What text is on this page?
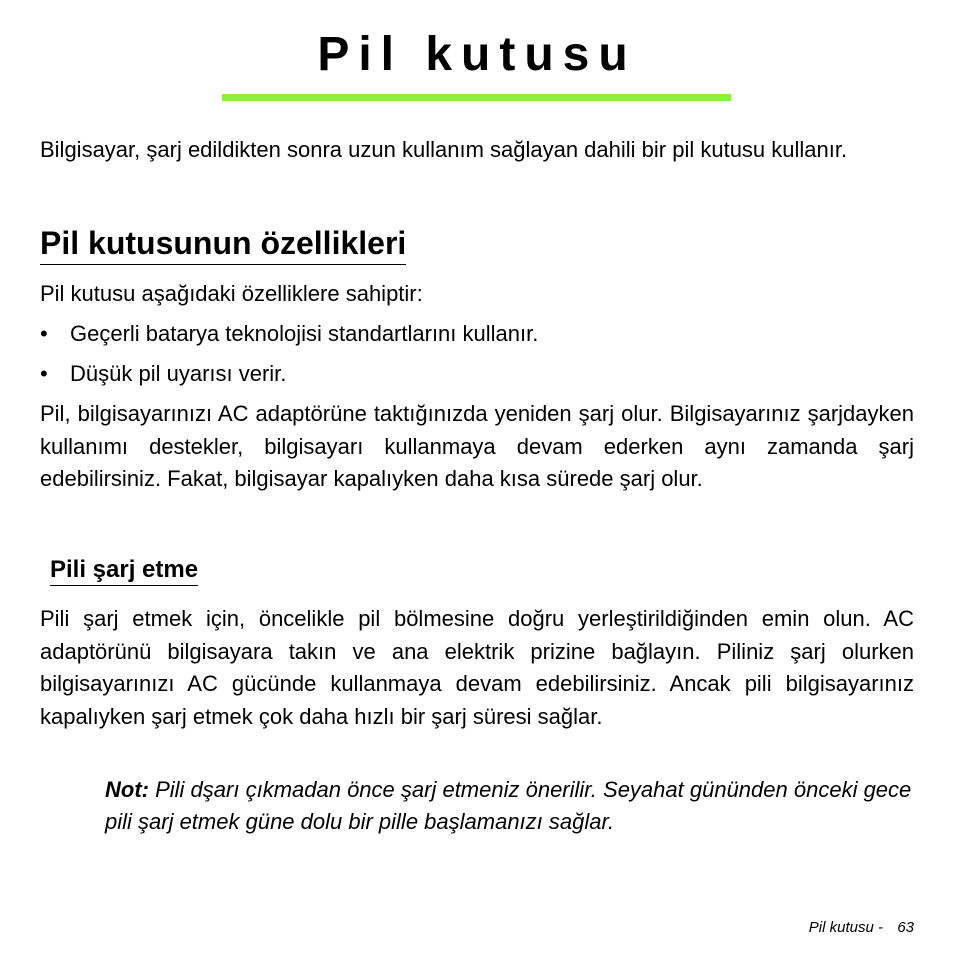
Pil kutusu

Bilgisayar, şarj edildikten sonra uzun kullanım sağlayan dahili bir pil kutusu kullanır.

Pil kutusunun özellikleri

Pil kutusu aşağıdaki özelliklere sahiptir:

•	Geçerli batarya teknolojisi standartlarını kullanır.
•	Düşük pil uyarısı verir.

Pil, bilgisayarınızı AC adaptörüne taktığınızda yeniden şarj olur. Bilgisayarınız şarjdayken kullanımı destekler, bilgisayarı kullanmaya devam ederken aynı zamanda şarj edebilirsiniz. Fakat, bilgisayar kapalıyken daha kısa sürede şarj olur.

Pili şarj etme

Pili şarj etmek için, öncelikle pil bölmesine doğru yerleştirildiğinden emin olun. AC adaptörünü bilgisayara takın ve ana elektrik prizine bağlayın. Piliniz şarj olurken bilgisayarınızı AC gücünde kullanmaya devam edebilirsiniz. Ancak pili bilgisayarınız kapalıyken şarj etmek çok daha hızlı bir şarj süresi sağlar.

Not: Pili dşarı çıkmadan önce şarj etmeniz önerilir. Seyahat gününden önceki gece pili şarj etmek güne dolu bir pille başlamanızı sağlar.

Pil kutusu - 63
